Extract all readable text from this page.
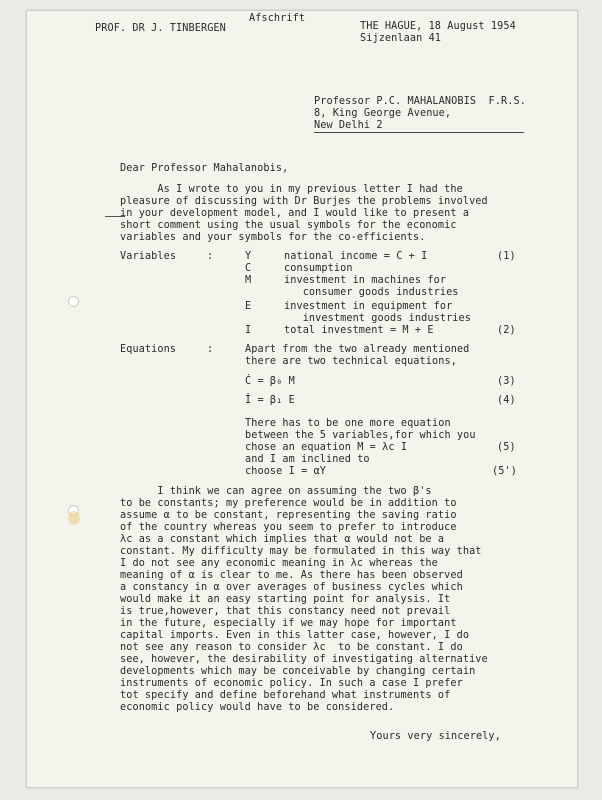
Afschrift
PROF. DR J. TINBERGEN	THE HAGUE, 18 August 1954
Sijzenlaan 41
Professor P.C. MAHALANOBIS  F.R.S.
8, King George Avenue,
New Delhi 2
Dear Professor Mahalanobis,
As I wrote to you in my previous letter I had the
pleasure of discussing with Dr Burjes the problems involved
in your development model, and I would like to present a
short comment using the usual symbols for the economic
variables and your symbols for the co-efficients.
Variables	:	Y	national income = C + I	(1)
C	consumption
M	investment in machines for
consumer goods industries
E	investment in equipment for
investment goods industries
I	total investment = M + E	(2)
Equations	:	Apart from the two already mentioned
there are two technical equations,
Ċ = β₀ M	(3)
İ = β₁ E	(4)
There has to be one more equation
between the 5 variables,for which you
chose an equation M = λc I	(5)
and I am inclined to
choose I = αY	(5')
I think we can agree on assuming the two β's
to be constants; my preference would be in addition to
assume α to be constant, representing the saving ratio
of the country whereas you seem to prefer to introduce
λc as a constant which implies that α would not be a
constant. My difficulty may be formulated in this way that
I do not see any economic meaning in λc whereas the
meaning of α is clear to me. As there has been observed
a constancy in α over averages of business cycles which
would make it an easy starting point for analysis. It
is true,however, that this constancy need not prevail
in the future, especially if we may hope for important
capital imports. Even in this latter case, however, I do
not see any reason to consider λc  to be constant. I do
see, however, the desirability of investigating alternative
developments which may be conceivable by changing certain
instruments of economic policy. In such a case I prefer
tot specify and define beforehand what instruments of
economic policy would have to be considered.
Yours very sincerely,
